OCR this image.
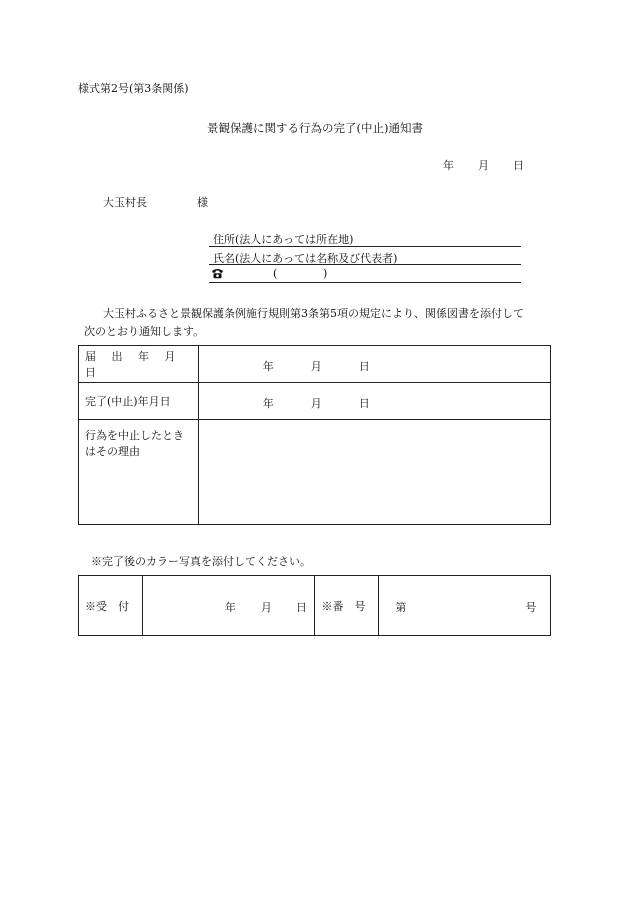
様式第2号(第3条関係)
景観保護に関する行為の完了(中止)通知書
年 月 日
大玉村長	様
住所(法人にあっては所在地)
氏名(法人にあっては名称及び代表者)
(	)
大玉村ふるさと景観保護条例施行規則第3条第5項の規定により、関係図書を添付して
次のとおり通知します。
届 出 年 月 日	年 月 日

完了(中止)年月日	年 月 日

行為を中止したとき
はその理由	

※完了後のカラー写真を添付してください。
※受　付	年 月 日	※番　号	第	号
